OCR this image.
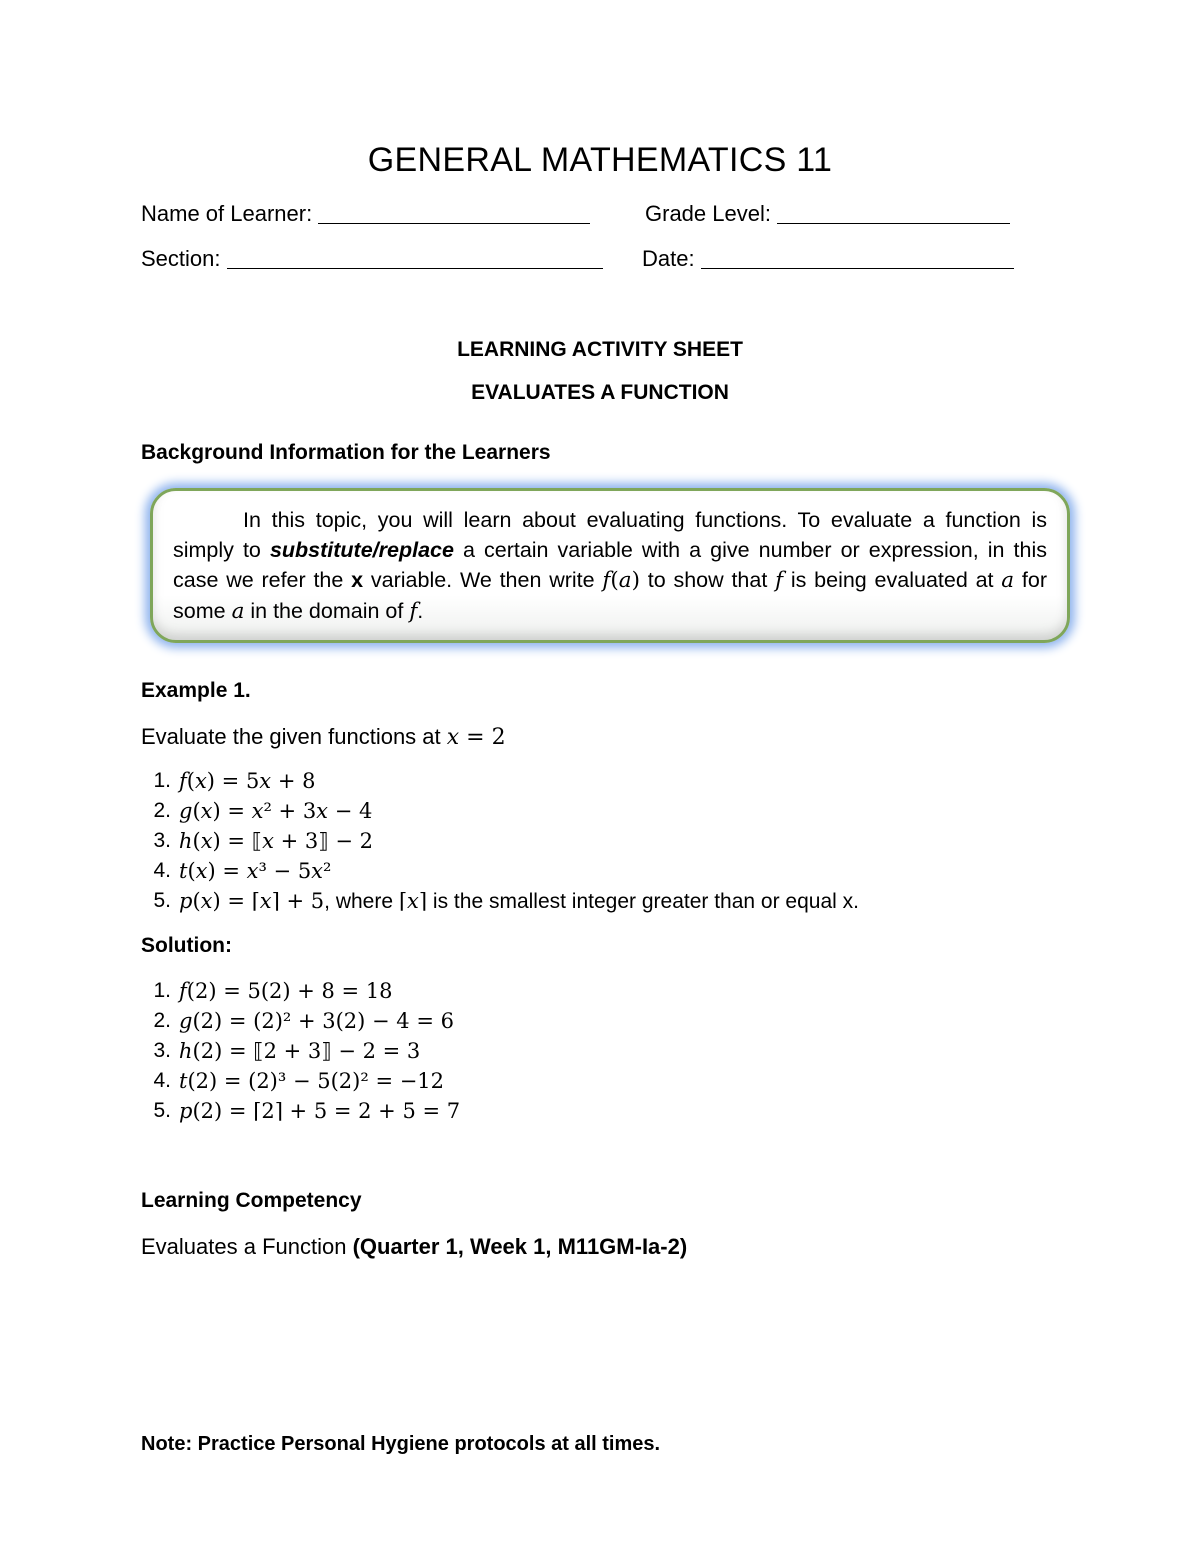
GENERAL MATHEMATICS 11
Name of Learner:	Grade Level:
Section:	Date:
LEARNING ACTIVITY SHEET
EVALUATES A FUNCTION
Background Information for the Learners
In this topic, you will learn about evaluating functions. To evaluate a function is simply to substitute/replace a certain variable with a give number or expression, in this case we refer the x variable. We then write 𝑓(𝑎) to show that 𝑓 is being evaluated at 𝑎 for some 𝑎 in the domain of 𝑓.
Example 1.
Evaluate the given functions at 𝑥 = 2
1. 𝑓(𝑥) = 5𝑥 + 8
2. 𝑔(𝑥) = 𝑥² + 3𝑥 − 4
3. ℎ(𝑥) = ⟦𝑥 + 3⟧ − 2
4. 𝑡(𝑥) = 𝑥³ − 5𝑥²
5. 𝑝(𝑥) = ⌈𝑥⌉ + 5, where ⌈𝑥⌉ is the smallest integer greater than or equal x.
Solution:
1. 𝑓(2) = 5(2) + 8 = 18
2. 𝑔(2) = (2)² + 3(2) − 4 = 6
3. ℎ(2) = ⟦2 + 3⟧ − 2 = 3
4. 𝑡(2) = (2)³ − 5(2)² = −12
5. 𝑝(2) = ⌈2⌉ + 5 = 2 + 5 = 7
Learning Competency
Evaluates a Function (Quarter 1, Week 1, M11GM-Ia-2)
Note: Practice Personal Hygiene protocols at all times.
